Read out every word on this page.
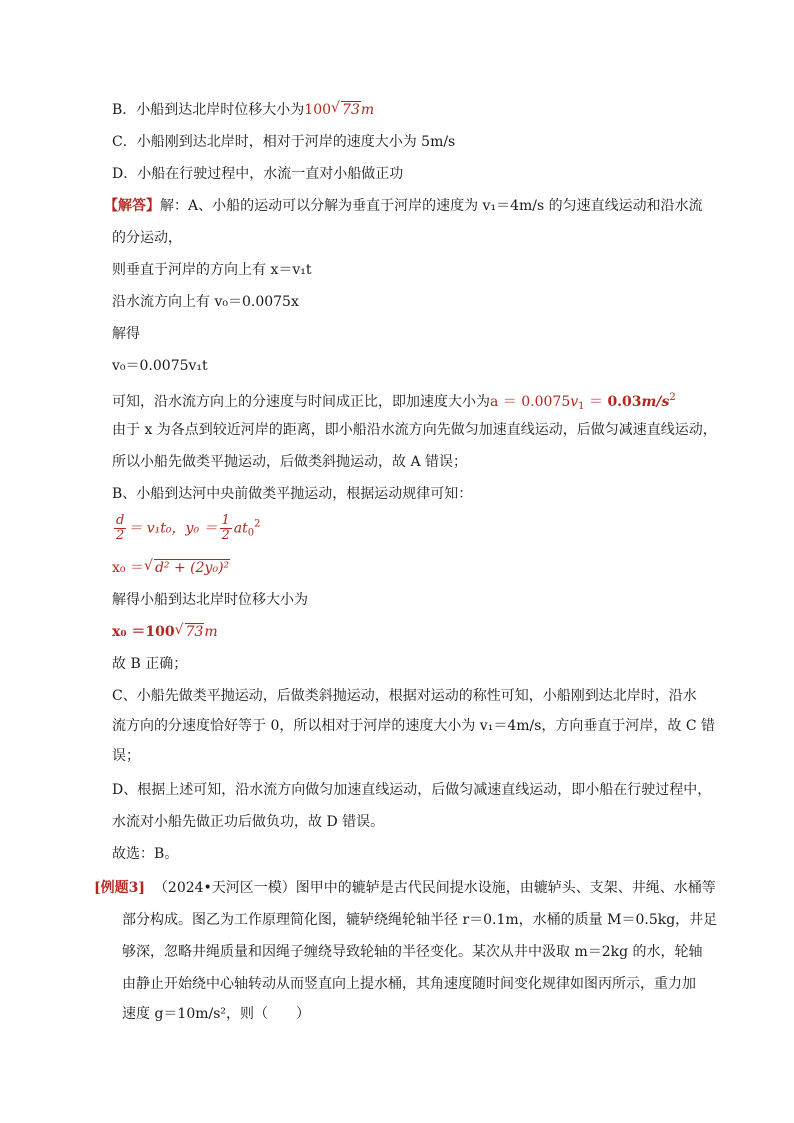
B．小船到达北岸时位移大小为100 √ 73m
C．小船刚到达北岸时，相对于河岸的速度大小为 5m/s
D．小船在行驶过程中，水流一直对小船做正功
【解答】解：A、小船的运动可以分解为垂直于河岸的速度为 v₁＝4m/s 的匀速直线运动和沿水流
的分运动，
则垂直于河岸的方向上有 x＝v₁t
沿水流方向上有 v₀＝0.0075x
解得
v₀＝0.0075v₁t
可知，沿水流方向上的分速度与时间成正比，即加速度大小为$a = 0.0075v_1 = 0.03m/s^2$
由于 x 为各点到较近河岸的距离，即小船沿水流方向先做匀加速直线运动，后做匀减速直线运动，
所以小船先做类平抛运动，后做类斜抛运动，故 A 错误；
B、小船到达河中央前做类平抛运动，根据运动规律可知：
$\frac{d}{2} = v_1t_0$，$y_0 = \frac{1}{2} at_0^2$
x₀ ＝ √ d² + (2y₀)²
解得小船到达北岸时位移大小为
x₀ ＝100 √ 73m
故 B 正确；
C、小船先做类平抛运动，后做类斜抛运动，根据对运动的称性可知，小船刚到达北岸时，沿水
流方向的分速度恰好等于 0，所以相对于河岸的速度大小为 v₁＝4m/s，方向垂直于河岸，故 C 错
误；
D、根据上述可知，沿水流方向做匀加速直线运动，后做匀减速直线运动，即小船在行驶过程中，
水流对小船先做正功后做负功，故 D 错误。
故选：B。
[例题3] （2024•天河区一模）图甲中的辘轳是古代民间提水设施，由辘轳头、支架、井绳、水桶等
部分构成。图乙为工作原理简化图，辘轳绕绳轮轴半径 r＝0.1m，水桶的质量 M＝0.5kg，井足
够深，忽略井绳质量和因绳子缠绕导致轮轴的半径变化。某次从井中汲取 m＝2kg 的水，轮轴
由静止开始绕中心轴转动从而竖直向上提水桶，其角速度随时间变化规律如图丙所示，重力加
速度 g＝10m/s²，则（　　）
